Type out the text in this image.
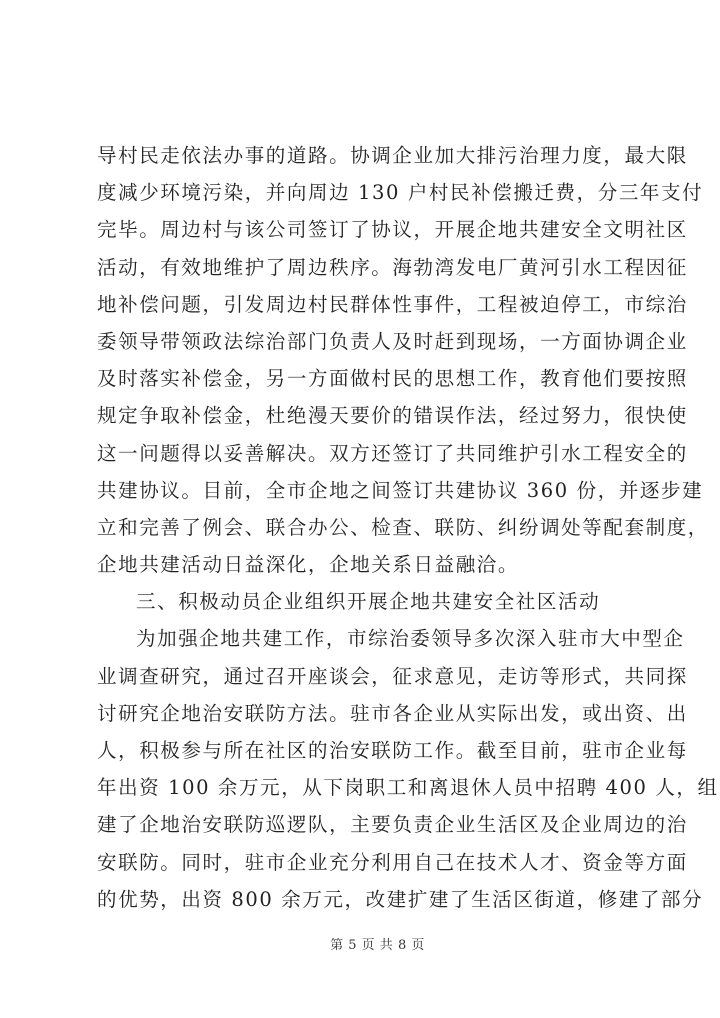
导村民走依法办事的道路。协调企业加大排污治理力度，最大限
度减少环境污染，并向周边 130 户村民补偿搬迁费，分三年支付
完毕。周边村与该公司签订了协议，开展企地共建安全文明社区
活动，有效地维护了周边秩序。海勃湾发电厂黄河引水工程因征
地补偿问题，引发周边村民群体性事件，工程被迫停工，市综治
委领导带领政法综治部门负责人及时赶到现场，一方面协调企业
及时落实补偿金，另一方面做村民的思想工作，教育他们要按照
规定争取补偿金，杜绝漫天要价的错误作法，经过努力，很快使
这一问题得以妥善解决。双方还签订了共同维护引水工程安全的
共建协议。目前，全市企地之间签订共建协议 360 份，并逐步建
立和完善了例会、联合办公、检查、联防、纠纷调处等配套制度，
企地共建活动日益深化，企地关系日益融洽。
三、积极动员企业组织开展企地共建安全社区活动
为加强企地共建工作，市综治委领导多次深入驻市大中型企
业调查研究，通过召开座谈会，征求意见，走访等形式，共同探
讨研究企地治安联防方法。驻市各企业从实际出发，或出资、出
人，积极参与所在社区的治安联防工作。截至目前，驻市企业每
年出资 100 余万元，从下岗职工和离退休人员中招聘 400 人，组
建了企地治安联防巡逻队，主要负责企业生活区及企业周边的治
安联防。同时，驻市企业充分利用自己在技术人才、资金等方面
的优势，出资 800 余万元，改建扩建了生活区街道，修建了部分
第 5 页 共 8 页
